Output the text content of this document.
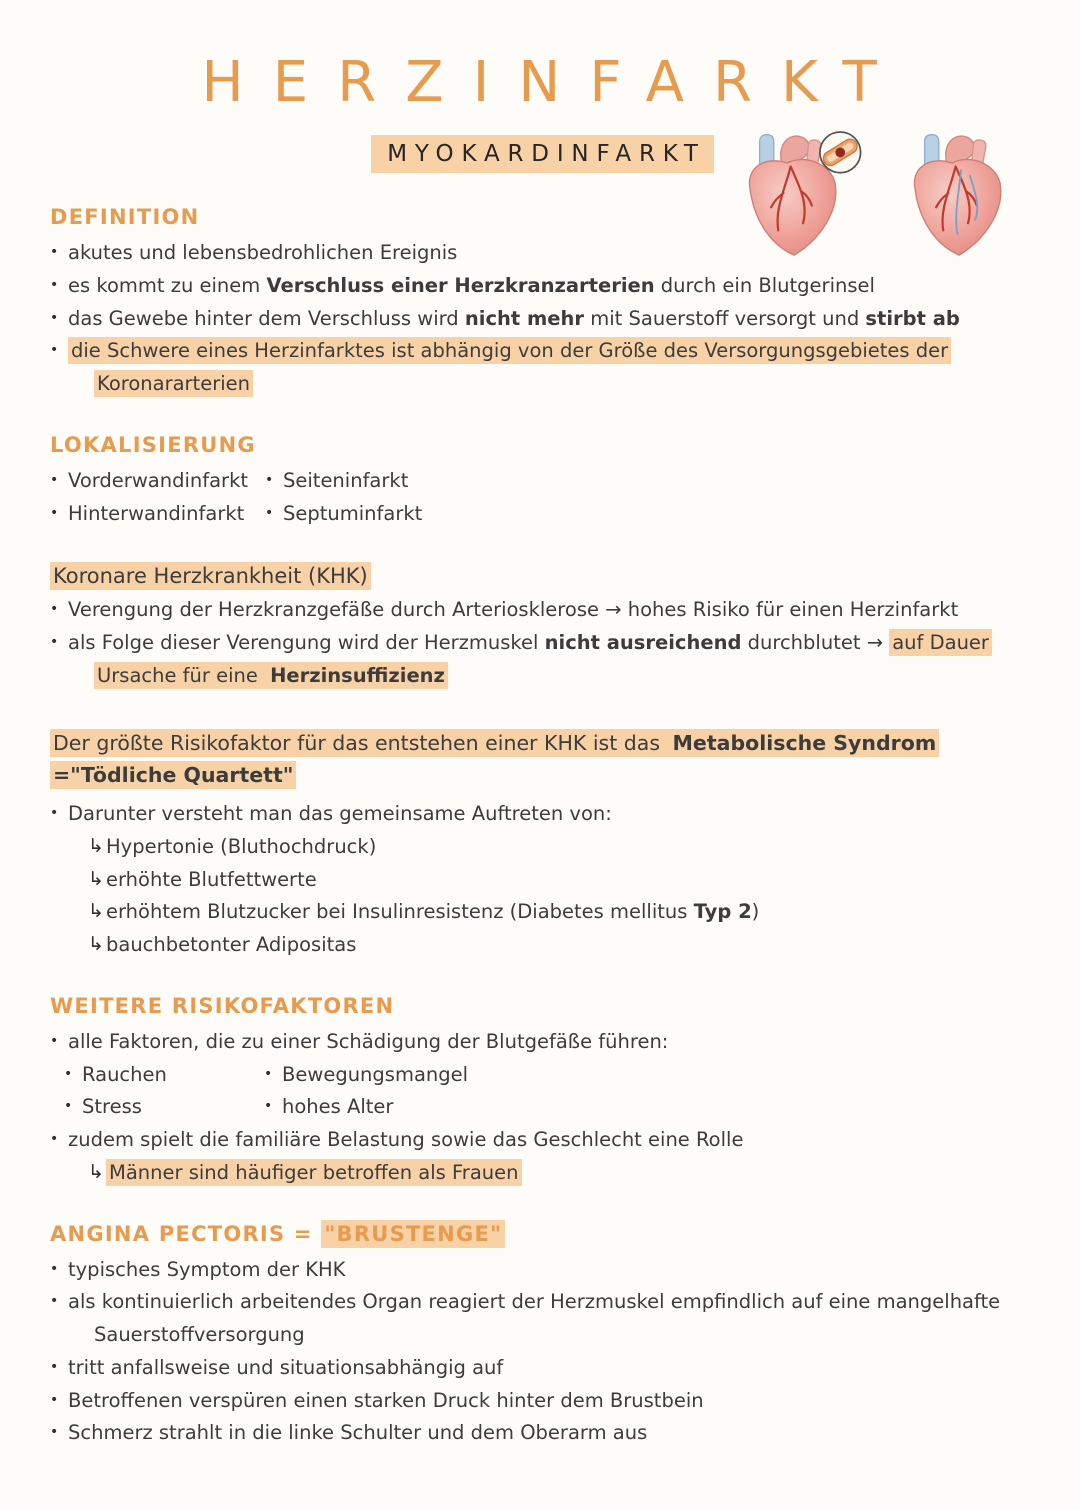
HERZINFARKT
MYOKARDINFARKT
DEFINITION
• akutes und lebensbedrohlichen Ereignis

• es kommt zu einem Verschluss einer Herzkranzarterien durch ein Blutgerinsel

• das Gewebe hinter dem Verschluss wird nicht mehr mit Sauerstoff versorgt und stirbt ab

• die Schwere eines Herzinfarktes ist abhängig von der Größe des Versorgungsgebietes der

Koronararterien

LOKALISIERUNG
• Vorderwandinfarkt • Seiteninfarkt

• Hinterwandinfarkt • Septuminfarkt

Koronare Herzkrankheit (KHK)
• Verengung der Herzkranzgefäße durch Arteriosklerose → hohes Risiko für einen Herzinfarkt

• als Folge dieser Verengung wird der Herzmuskel nicht ausreichend durchblutet → auf Dauer

Ursache für eine Herzinsuffizienz

Der größte Risikofaktor für das entstehen einer KHK ist das Metabolische Syndrom
="Tödliche Quartett"
• Darunter versteht man das gemeinsame Auftreten von:

↳ Hypertonie (Bluthochdruck)

↳ erhöhte Blutfettwerte

↳ erhöhtem Blutzucker bei Insulinresistenz (Diabetes mellitus Typ 2)

↳ bauchbetonter Adipositas

WEITERE RISIKOFAKTOREN
• alle Faktoren, die zu einer Schädigung der Blutgefäße führen:

• Rauchen	• Bewegungsmangel

• Stress	• hohes Alter

• zudem spielt die familiäre Belastung sowie das Geschlecht eine Rolle

↳ Männer sind häufiger betroffen als Frauen

ANGINA PECTORIS = "BRUSTENGE"
• typisches Symptom der KHK

• als kontinuierlich arbeitendes Organ reagiert der Herzmuskel empfindlich auf eine mangelhafte

Sauerstoffversorgung

• tritt anfallsweise und situationsabhängig auf

• Betroffenen verspüren einen starken Druck hinter dem Brustbein

• Schmerz strahlt in die linke Schulter und dem Oberarm aus
